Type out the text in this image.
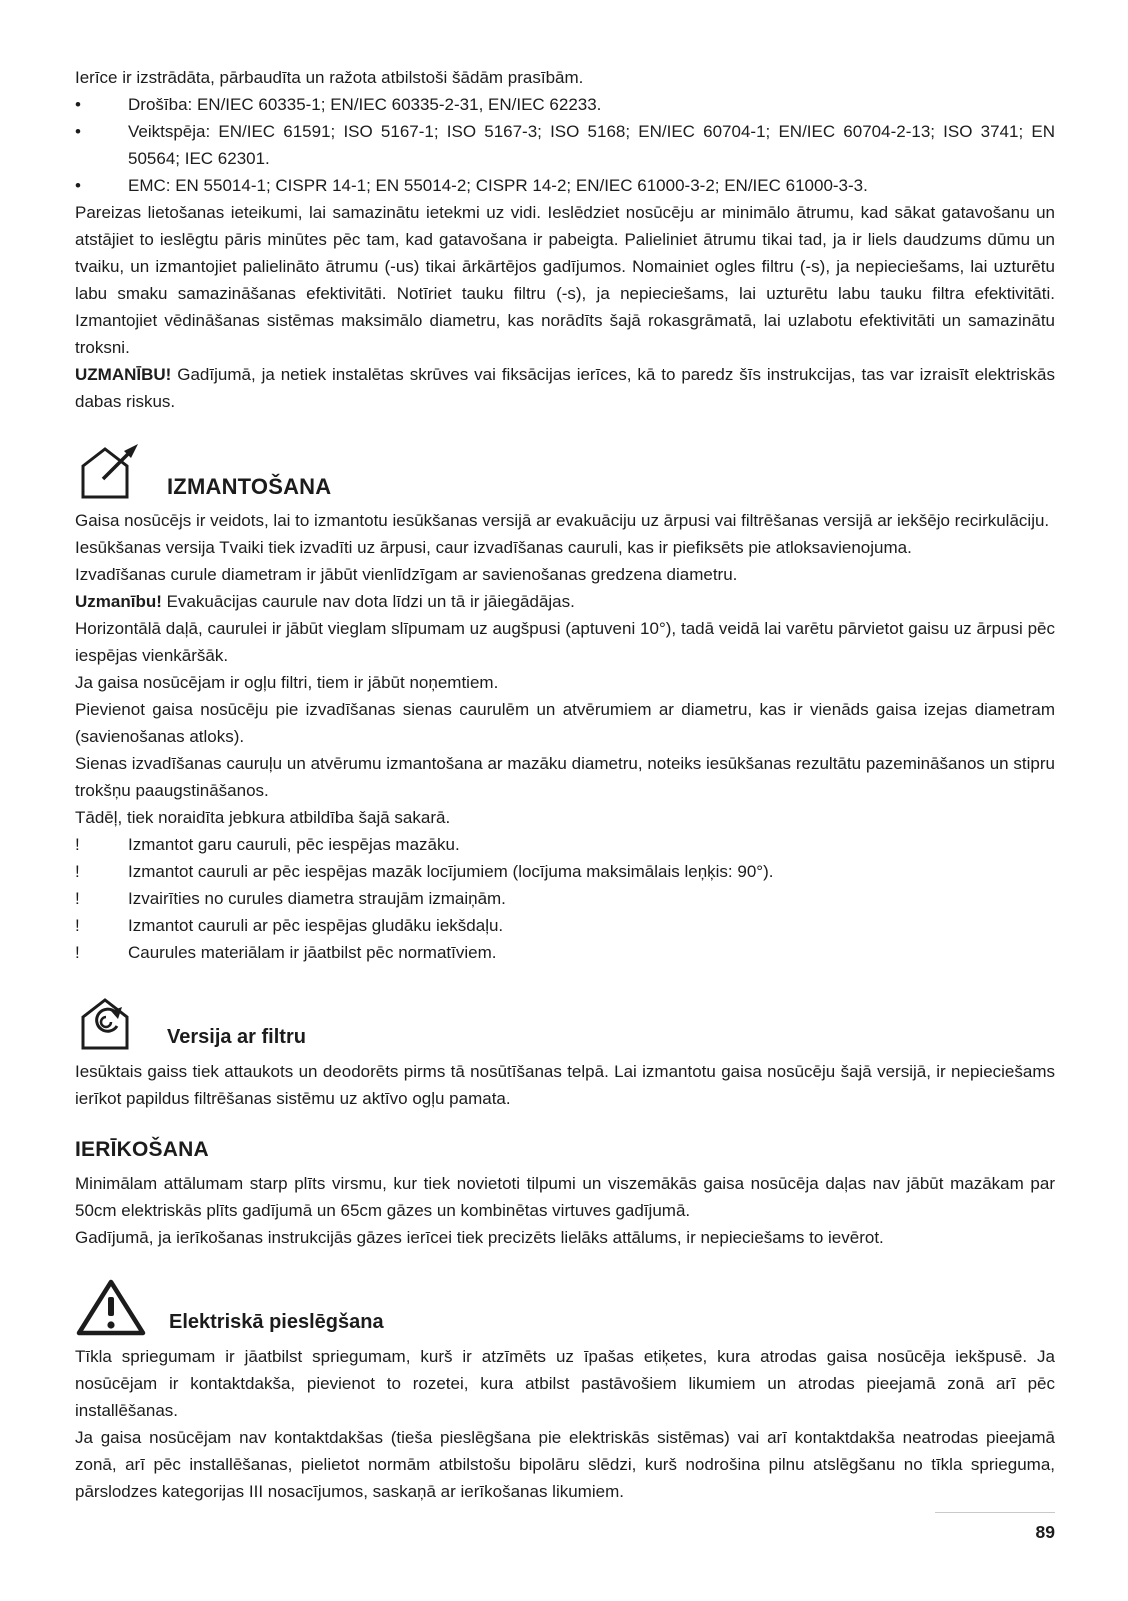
Ierīce ir izstrādāta, pārbaudīta un ražota atbilstoši šādām prasībām.

•	Drošība: EN/IEC 60335-1; EN/IEC 60335-2-31, EN/IEC 62233.
•	Veiktspēja: EN/IEC 61591; ISO 5167-1; ISO 5167-3; ISO 5168; EN/IEC 60704-1; EN/IEC 60704-2-13; ISO 3741; EN 50564; IEC 62301.
•	EMC: EN 55014-1; CISPR 14-1; EN 55014-2; CISPR 14-2; EN/IEC 61000-3-2; EN/IEC 61000-3-3.

Pareizas lietošanas ieteikumi, lai samazinātu ietekmi uz vidi. Ieslēdziet nosūcēju ar minimālo ātrumu, kad sākat gatavošanu un atstājiet to ieslēgtu pāris minūtes pēc tam, kad gatavošana ir pabeigta. Palieliniet ātrumu tikai tad, ja ir liels daudzums dūmu un tvaiku, un izmantojiet palielināto ātrumu (-us) tikai ārkārtējos gadījumos. Nomainiet ogles filtru (-s), ja nepieciešams, lai uzturētu labu smaku samazināšanas efektivitāti. Notīriet tauku filtru (-s), ja nepieciešams, lai uzturētu labu tauku filtra efektivitāti. Izmantojiet vēdināšanas sistēmas maksimālo diametru, kas norādīts šajā rokasgrāmatā, lai uzlabotu efektivitāti un samazinātu troksni.

UZMANĪBU! Gadījumā, ja netiek instalētas skrūves vai fiksācijas ierīces, kā to paredz šīs instrukcijas, tas var izraisīt elektriskās dabas riskus.

IZMANTOŠANA

Gaisa nosūcējs ir veidots, lai to izmantotu iesūkšanas versijā ar evakuāciju uz ārpusi vai filtrēšanas versijā ar iekšējo recirkulāciju.

Iesūkšanas versija Tvaiki tiek izvadīti uz ārpusi, caur izvadīšanas cauruli, kas ir piefiksēts pie atloksavienojuma.

Izvadīšanas curule diametram ir jābūt vienlīdzīgam ar savienošanas gredzena diametru.

Uzmanību! Evakuācijas caurule nav dota līdzi un tā ir jāiegādājas.

Horizontālā daļā, caurulei ir jābūt vieglam slīpumam uz augšpusi (aptuveni 10°), tadā veidā lai varētu pārvietot gaisu uz ārpusi pēc iespējas vienkāršāk.

Ja gaisa nosūcējam ir ogļu filtri, tiem ir jābūt noņemtiem.

Pievienot gaisa nosūcēju pie izvadīšanas sienas caurulēm un atvērumiem ar diametru, kas ir vienāds gaisa izejas diametram (savienošanas atloks).

Sienas izvadīšanas cauruļu un atvērumu izmantošana ar mazāku diametru, noteiks iesūkšanas rezultātu pazemināšanos un stipru trokšņu paaugstināšanos.

Tādēļ, tiek noraidīta jebkura atbildība šajā sakarā.

!	Izmantot garu cauruli, pēc iespējas mazāku.
!	Izmantot cauruli ar pēc iespējas mazāk locījumiem (locījuma maksimālais leņķis: 90°).
!	Izvairīties no curules diametra straujām izmaiņām.
!	Izmantot cauruli ar pēc iespējas gludāku iekšdaļu.
!	Caurules materiālam ir jāatbilst pēc normatīviem.
Versija ar filtru

Iesūktais gaiss tiek attaukots un deodorēts pirms tā nosūtīšanas telpā. Lai izmantotu gaisa nosūcēju šajā versijā, ir nepieciešams ierīkot papildus filtrēšanas sistēmu uz aktīvo ogļu pamata.

IERĪKOŠANA

Minimālam attālumam starp plīts virsmu, kur tiek novietoti tilpumi un viszemākās gaisa nosūcēja daļas nav jābūt mazākam par 50cm elektriskās plīts gadījumā un 65cm gāzes un kombinētas virtuves gadījumā.

Gadījumā, ja ierīkošanas instrukcijās gāzes ierīcei tiek precizēts lielāks attālums, ir nepieciešams to ievērot.

Elektriskā pieslēgšana

Tīkla spriegumam ir jāatbilst spriegumam, kurš ir atzīmēts uz īpašas etiķetes, kura atrodas gaisa nosūcēja iekšpusē. Ja nosūcējam ir kontaktdakša, pievienot to rozetei, kura atbilst pastāvošiem likumiem un atrodas pieejamā zonā arī pēc installēšanas.

Ja gaisa nosūcējam nav kontaktdakšas (tieša pieslēgšana pie elektriskās sistēmas) vai arī kontaktdakša neatrodas pieejamā zonā, arī pēc installēšanas, pielietot normām atbilstošu bipolāru slēdzi, kurš nodrošina pilnu atslēgšanu no tīkla sprieguma, pārslodzes kategorijas III nosacījumos, saskaņā ar ierīkošanas likumiem.

89
